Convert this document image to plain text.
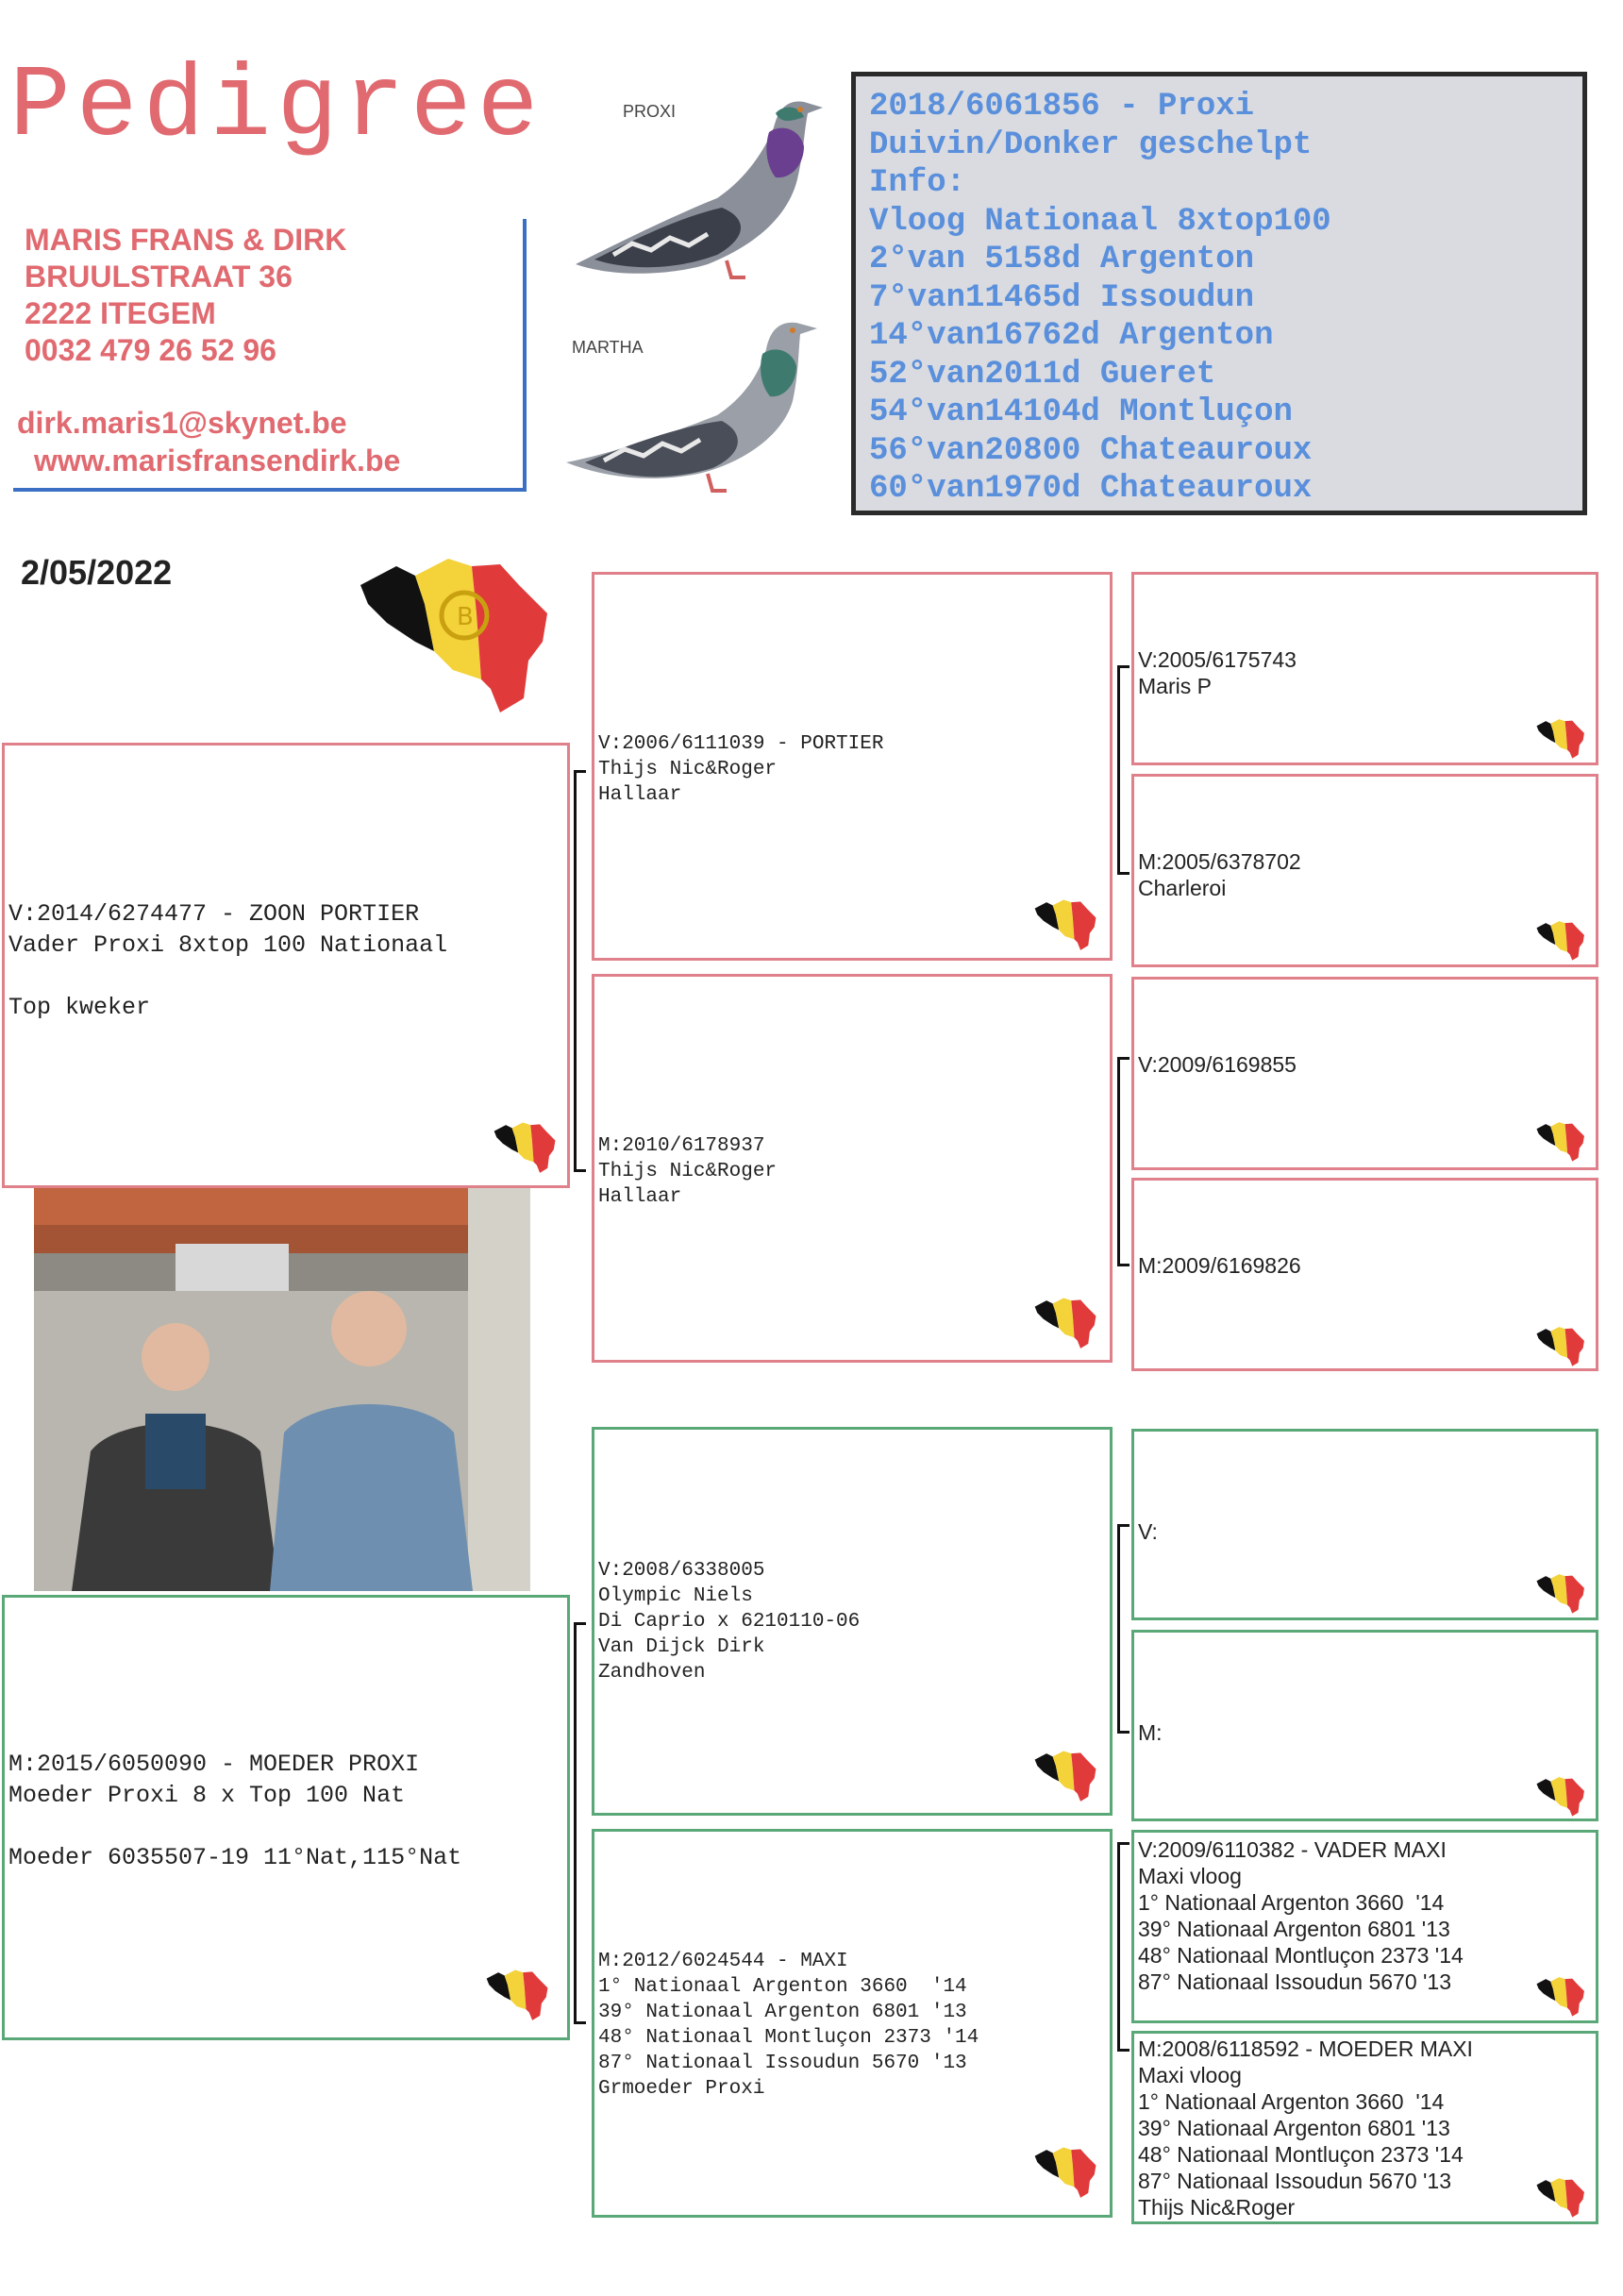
Pedigree
MARIS FRANS & DIRK
BRUULSTRAAT 36
2222 ITEGEM
0032 479 26 52 96
dirk.maris1@skynet.be
www.marisfransendirk.be
PROXI
MARTHA
2018/6061856 - Proxi
Duivin/Donker geschelpt
Info:
Vloog Nationaal 8xtop100
2°van 5158d Argenton
7°van11465d Issoudun
14°van16762d Argenton
52°van2011d Gueret
54°van14104d Montluçon
56°van20800 Chateauroux
60°van1970d Chateauroux
2/05/2022
B
V:2014/6274477 - ZOON PORTIER
Vader Proxi 8xtop 100 Nationaal
Top kweker
M:2015/6050090 - MOEDER PROXI
Moeder Proxi 8 x Top 100 Nat
Moeder 6035507-19 11°Nat,115°Nat
V:2006/6111039 - PORTIER
Thijs Nic&Roger
Hallaar
M:2010/6178937
Thijs Nic&Roger
Hallaar
V:2008/6338005
Olympic Niels
Di Caprio x 6210110-06
Van Dijck Dirk
Zandhoven
M:2012/6024544 - MAXI
1° Nationaal Argenton 3660  '14
39° Nationaal Argenton 6801 '13
48° Nationaal Montluçon 2373 '14
87° Nationaal Issoudun 5670 '13
Grmoeder Proxi
V:2005/6175743
Maris P
M:2005/6378702
Charleroi
V:2009/6169855
M:2009/6169826
V:
M:
V:2009/6110382 - VADER MAXI
Maxi vloog
1° Nationaal Argenton 3660  '14
39° Nationaal Argenton 6801 '13
48° Nationaal Montluçon 2373 '14
87° Nationaal Issoudun 5670 '13
M:2008/6118592 - MOEDER MAXI
Maxi vloog
1° Nationaal Argenton 3660  '14
39° Nationaal Argenton 6801 '13
48° Nationaal Montluçon 2373 '14
87° Nationaal Issoudun 5670 '13
Thijs Nic&Roger
